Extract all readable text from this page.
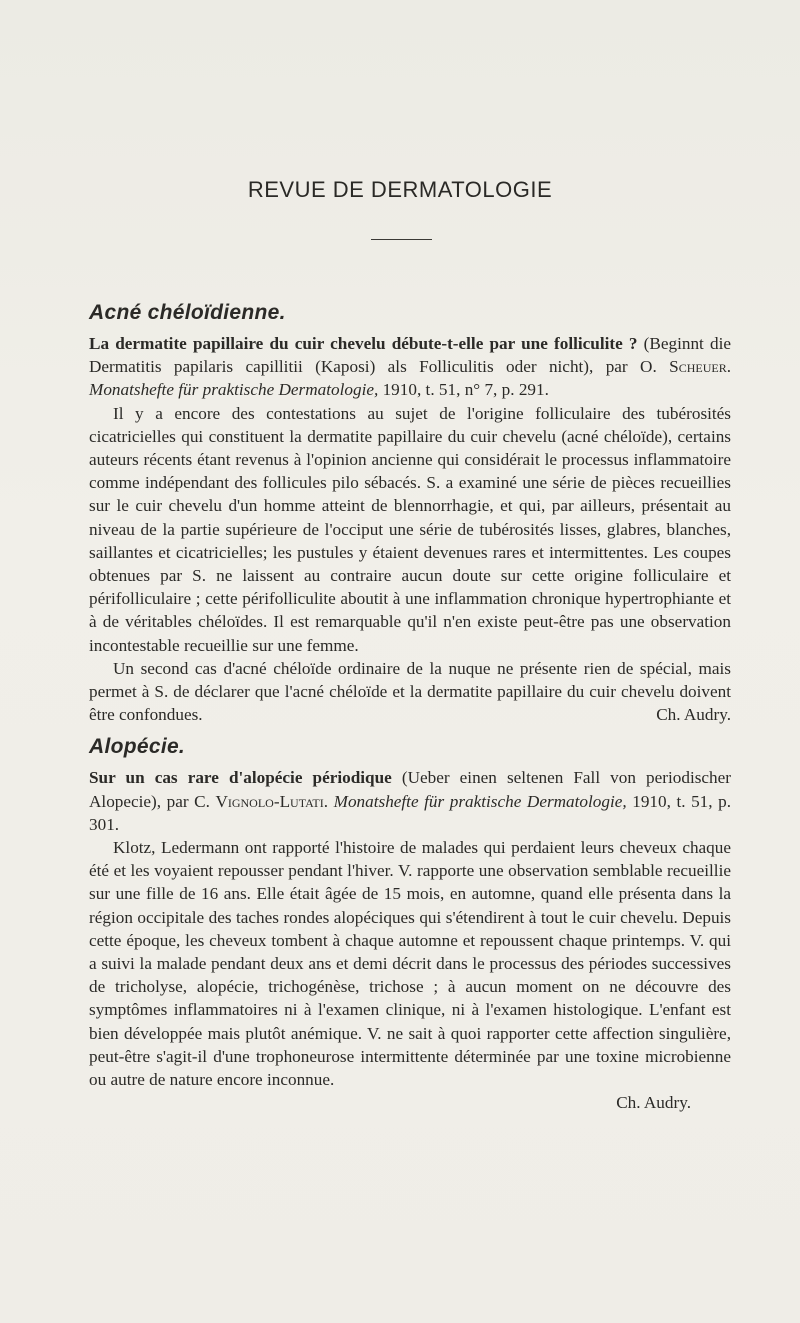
REVUE DE DERMATOLOGIE
Acné chéloïdienne.

La dermatite papillaire du cuir chevelu débute-t-elle par une folliculite ? (Beginnt die Dermatitis papilaris capillitii (Kaposi) als Folliculitis oder nicht), par O. Scheuer. Monatshefte für praktische Dermatologie, 1910, t. 51, n° 7, p. 291.

Il y a encore des contestations au sujet de l'origine folliculaire des tubérosités cicatricielles qui constituent la dermatite papillaire du cuir chevelu (acné chéloïde), certains auteurs récents étant revenus à l'opinion ancienne qui considérait le processus inflammatoire comme indépendant des follicules pilo sébacés. S. a examiné une série de pièces recueillies sur le cuir chevelu d'un homme atteint de blennorrhagie, et qui, par ailleurs, présentait au niveau de la partie supérieure de l'occiput une série de tubérosités lisses, glabres, blanches, saillantes et cicatricielles; les pustules y étaient devenues rares et intermittentes. Les coupes obtenues par S. ne laissent au contraire aucun doute sur cette origine folliculaire et périfolliculaire ; cette périfolliculite aboutit à une inflammation chronique hypertrophiante et à de véritables chéloïdes. Il est remarquable qu'il n'en existe peut-être pas une observation incontestable recueillie sur une femme.

Un second cas d'acné chéloïde ordinaire de la nuque ne présente rien de spécial, mais permet à S. de déclarer que l'acné chéloïde et la dermatite papillaire du cuir chevelu doivent être confondues.	Ch. Audry.

Alopécie.

Sur un cas rare d'alopécie périodique (Ueber einen seltenen Fall von periodischer Alopecie), par C. Vignolo-Lutati. Monatshefte für praktische Dermatologie, 1910, t. 51, p. 301.

Klotz, Ledermann ont rapporté l'histoire de malades qui perdaient leurs cheveux chaque été et les voyaient repousser pendant l'hiver. V. rapporte une observation semblable recueillie sur une fille de 16 ans. Elle était âgée de 15 mois, en automne, quand elle présenta dans la région occipitale des taches rondes alopéciques qui s'étendirent à tout le cuir chevelu. Depuis cette époque, les cheveux tombent à chaque automne et repoussent chaque printemps. V. qui a suivi la malade pendant deux ans et demi décrit dans le processus des périodes successives de tricholyse, alopécie, trichogénèse, trichose ; à aucun moment on ne découvre des symptômes inflammatoires ni à l'examen clinique, ni à l'examen histologique. L'enfant est bien développée mais plutôt anémique. V. ne sait à quoi rapporter cette affection singulière, peut-être s'agit-il d'une trophoneurose intermittente déterminée par une toxine microbienne ou autre de nature encore inconnue.

Ch. Audry.
